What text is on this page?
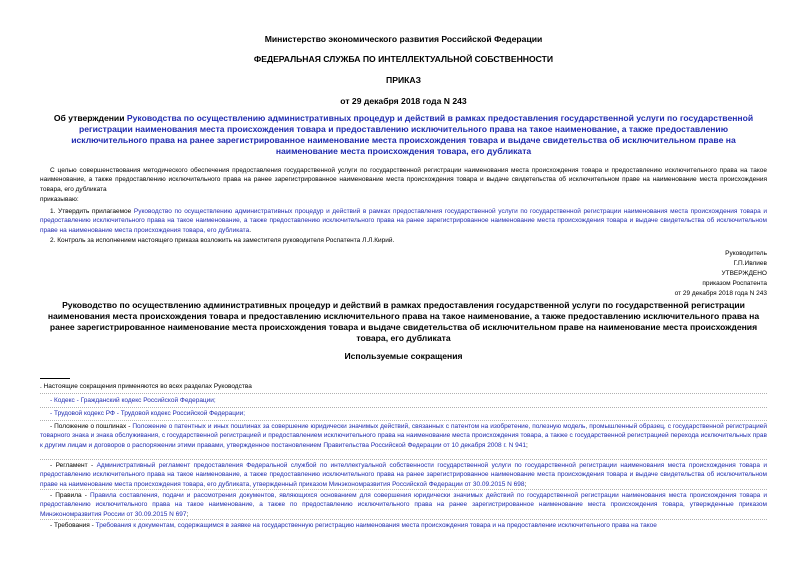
Министерство экономического развития Российской Федерации
ФЕДЕРАЛЬНАЯ СЛУЖБА ПО ИНТЕЛЛЕКТУАЛЬНОЙ СОБСТВЕННОСТИ
ПРИКАЗ
от 29 декабря 2018 года N 243
Об утверждении Руководства по осуществлению административных процедур и действий в рамках предоставления государственной услуги по государственной регистрации наименования места происхождения товара и предоставлению исключительного права на такое наименование, а также предоставлению исключительного права на ранее зарегистрированное наименование места происхождения товара и выдаче свидетельства об исключительном праве на наименование места происхождения товара, его дубликата
С целью совершенствования методического обеспечения предоставления государственной услуги по государственной регистрации наименования места происхождения товара и предоставлению исключительного права на такое наименование, а также предоставлению исключительного права на ранее зарегистрированное наименование места происхождения товара и выдаче свидетельства об исключительном праве на наименование места происхождения товара, его дубликата
приказываю:
1. Утвердить прилагаемое Руководство по осуществлению административных процедур и действий в рамках предоставления государственной услуги по государственной регистрации наименования места происхождения товара и предоставлению исключительного права на такое наименование, а также предоставлению исключительного права на ранее зарегистрированное наименование места происхождения товара и выдаче свидетельства об исключительном праве на наименование места происхождения товара, его дубликата.
2. Контроль за исполнением настоящего приказа возложить на заместителя руководителя Роспатента Л.Л.Кирий.
Руководитель
Г.П.Ивлиев
УТВЕРЖДЕНО
приказом Роспатента
от 29 декабря 2018 года N 243
Руководство по осуществлению административных процедур и действий в рамках предоставления государственной услуги по государственной регистрации наименования места происхождения товара и предоставлению исключительного права на такое наименование, а также предоставлению исключительного права на ранее зарегистрированное наименование места происхождения товара и выдаче свидетельства об исключительном праве на наименование места происхождения товара, его дубликата
Используемые сокращения
. Настоящие сокращения применяются во всех разделах Руководства
- Кодекс - Гражданский кодекс Российской Федерации;
- Трудовой кодекс РФ - Трудовой кодекс Российской Федерации;
- Положение о пошлинах - Положение о патентных и иных пошлинах за совершение юридически значимых действий, связанных с патентом на изобретение, полезную модель, промышленный образец, с государственной регистрацией товарного знака и знака обслуживания, с государственной регистрацией и предоставлением исключительного права на наименование места происхождения товара, а также с государственной регистрацией перехода исключительных прав к другим лицам и договоров о распоряжении этими правами, утвержденное постановлением Правительства Российской Федерации от 10 декабря 2008 г. N 941;
- Регламент - Административный регламент предоставления Федеральной службой по интеллектуальной собственности государственной услуги по государственной регистрации наименования места происхождения товара и предоставлению исключительного права на такое наименование, а также предоставлению исключительного права на ранее зарегистрированное наименование места происхождения товара и выдаче свидетельства об исключительном праве на наименование места происхождения товара, его дубликата, утвержденный приказом Минэкономразвития Российской Федерации от 30.09.2015 N 698;
- Правила - Правила составления, подачи и рассмотрения документов, являющихся основанием для совершения юридически значимых действий по государственной регистрации наименования места происхождения товара и предоставлению исключительного права на такое наименование, а также по предоставлению исключительного права на ранее зарегистрированное наименование места происхождения товара, утвержденные приказом Минэкономразвития России от 30.09.2015 N 697;
- Требования - Требования к документам, содержащимся в заявке на государственную регистрацию наименования места происхождения товара и на предоставление исключительного права на такое
